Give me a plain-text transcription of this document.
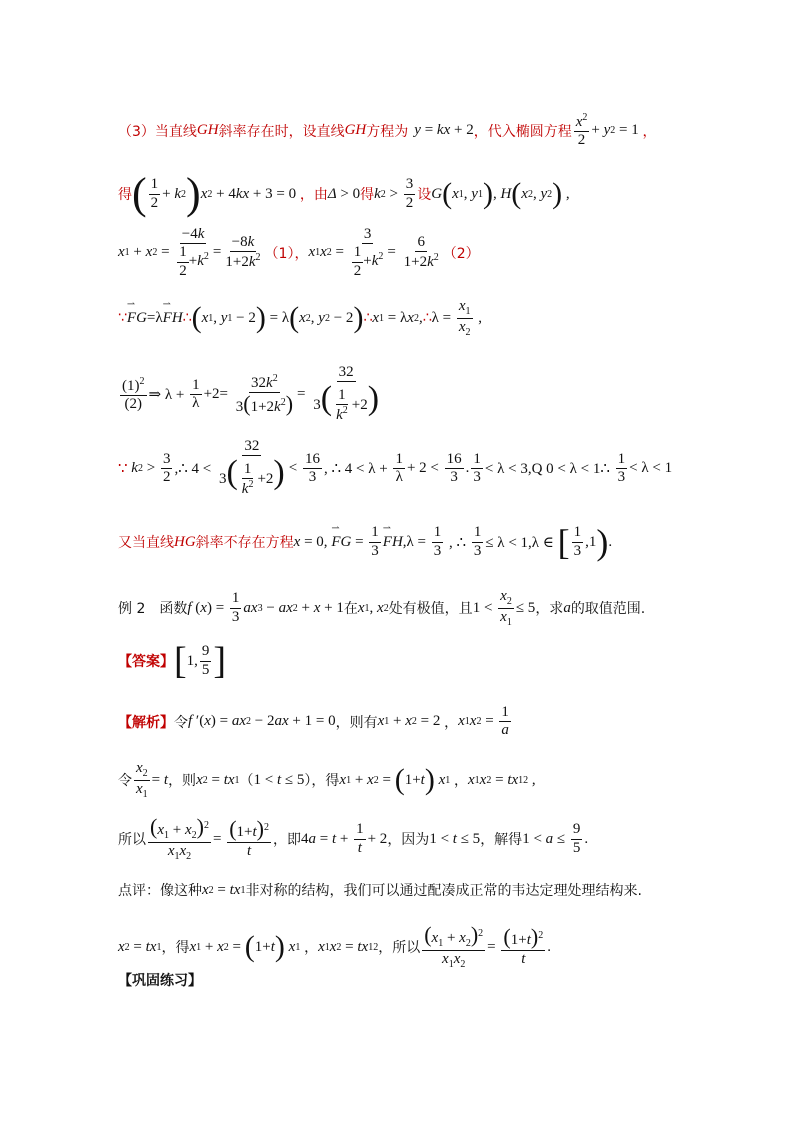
（3）当直线 GH 斜率存在时，设直线 GH 方程为 y = kx + 2 ，代入椭圆方程 $\frac{x^2}{2} + y$ 2 = 1 ，
得 ( $\frac{1}{2} + k$ 2 ) x 2 + 4 kx + 3 = 0 ，由 Δ > 0 得 k $2 > \frac{3}{2}$ 设 G ( x 1 , y 1 ) , H ( x 2 , y 2 ) ,
x 1 + x $2 = \frac{-4k}{\frac{1}{2} +k^2} = \frac{-8k}{1+2k^2} (1)$， x 1 x $2 = \frac{3}{\frac{1}{2} +k^2} = \frac{6}{1+2k^2} (2)$
∵ ⇀ FG =λ ⇀ FH ∴ ( x 1 , y 1 − 2 ) = λ ( x 2 , y 2 − 2 ) ∴ x 1 = λ x 2 , ∴ $\lambda = \frac{x_1}{x_2}$ ,
$\frac{(1)^2}{(2)}$ ⇒ $\lambda + \frac{1}{\lambda} +2= \frac{32k^2}{3(1+2k^2)} = \frac{32}{3( \frac{1}{k^2} +2)}$
∵
k $2 > \frac{3}{2}$ ,∴ $4 < \frac{32}{3( \frac{1}{k^2} +2)} < \frac{16}{3}$ , ∴ $4 < \lambda + \frac{1}{\lambda} + 2 < \frac{16}{3}$ . $\frac{1}{3} < \lambda < 3,Q$ 0 < λ < 1∴ $\frac{1}{3} < \lambda < 1$
又当直线 HG 斜率不存在方程 x = 0, ⇀ FG = $\frac{1}{3}$ ⇀ FH $,\lambda = \frac{1}{3}$ , ∴ $\frac{1}{3} \le \lambda < 1,\lambda$ ∈ [ $\frac{1}{3} ,1$ ) .
例 2 函数 f ( x ) = $\frac{1}{3}$ ax 3 − ax 2 + x + 1 在 x 1 , x 2 处有极值，且 $1 < \frac{x_2}{x_1} \le 5$ ，求 a 的取值范围.
【答案】 [ 1, $\frac{9}{5}$ ]
【解析】 令 f ′( x ) = ax 2 − 2 ax + 1 = 0 ，则有 x 1 + x 2 = 2 ， x 1 x $2 = \frac{1}{a}$
令 $\frac{x_2}{x_1} = t$ ，则 x 2 = tx 1 （ 1 < t ≤ 5 ），得 x 1 + x 2 = ( 1+ t )
x 1
， x 1 x 2 = tx 1 2 ,
所以 $\frac{(x_1 + x_2)^2}{x_1x_2} = \frac{(1+t)^2}{t}$ ，即 4 $a = t + \frac{1}{t} + 2$ ，因为 1 < t ≤ 5 ，解得 $1 < a \le \frac{9}{5}$ .
点评：像这种 x 2 = tx 1 非对称的结构，我们可以通过配凑成正常的韦达定理处理结构来.
x 2 = tx 1 ，得 x 1 + x 2 = ( 1+ t )
x 1
， x 1 x 2 = tx 1 2 ，所以 $\frac{(x_1 + x_2)^2}{x_1x_2} = \frac{(1+t)^2}{t}$ .
【巩固练习】
